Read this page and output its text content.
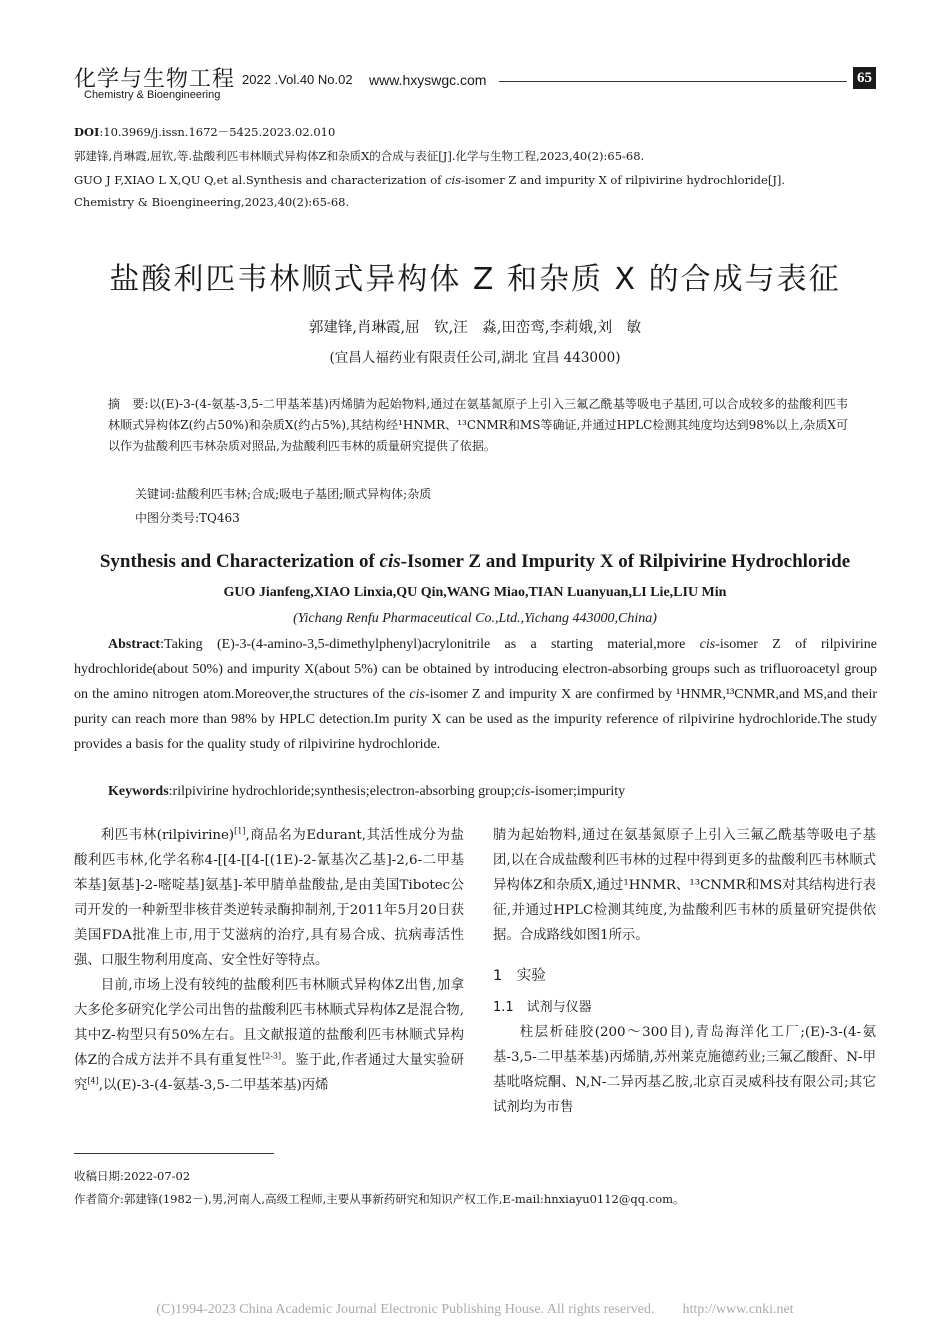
化学与生物工程 2022 .Vol.40 No.02 www.hxyswgc.com	65
Chemistry & Bioengineering
DOI:10.3969/j.issn.1672－5425.2023.02.010
郭建锋,肖琳霞,屈钦,等.盐酸利匹韦林顺式异构体Z和杂质X的合成与表征[J].化学与生物工程,2023,40(2):65-68.
GUO J F,XIAO L X,QU Q,et al.Synthesis and characterization of cis-isomer Z and impurity X of rilpivirine hydrochloride[J].
Chemistry & Bioengineering,2023,40(2):65-68.
盐酸利匹韦林顺式异构体 Z 和杂质 X 的合成与表征
郭建锋,肖琳霞,屈　钦,汪　淼,田峦鸾,李莉娥,刘　敏
(宜昌人福药业有限责任公司,湖北 宜昌 443000)
摘　要:以(E)-3-(4-氨基-3,5-二甲基苯基)丙烯腈为起始物料,通过在氨基氮原子上引入三氟乙酰基等吸电子基团,可以合成较多的盐酸利匹韦林顺式异构体Z(约占50%)和杂质X(约占5%),其结构经¹HNMR、¹³CNMR和MS等确证,并通过HPLC检测其纯度均达到98%以上,杂质X可以作为盐酸利匹韦林杂质对照品,为盐酸利匹韦林的质量研究提供了依据。
关键词:盐酸利匹韦林;合成;吸电子基团;顺式异构体;杂质
中图分类号:TQ463
Synthesis and Characterization of cis-Isomer Z and Impurity X of Rilpivirine Hydrochloride
GUO Jianfeng,XIAO Linxia,QU Qin,WANG Miao,TIAN Luanyuan,LI Lie,LIU Min
(Yichang Renfu Pharmaceutical Co.,Ltd.,Yichang 443000,China)
Abstract:Taking (E)-3-(4-amino-3,5-dimethylphenyl)acrylonitrile as a starting material,more cis-isomer Z of rilpivirine hydrochloride(about 50%) and impurity X(about 5%) can be obtained by introducing electron-absorbing groups such as trifluoroacetyl group on the amino nitrogen atom.Moreover,the structures of the cis-isomer Z and impurity X are confirmed by ¹HNMR,¹³CNMR,and MS,and their purity can reach more than 98% by HPLC detection.Im purity X can be used as the impurity reference of rilpivirine hydrochloride.The study provides a basis for the quality study of rilpivirine hydrochloride.
Keywords:rilpivirine hydrochloride;synthesis;electron-absorbing group;cis-isomer;impurity

利匹韦林(rilpivirine)[1],商品名为Edurant,其活性成分为盐酸利匹韦林,化学名称4-[[4-[[4-[(1E)-2-氰基次乙基]-2,6-二甲基苯基]氨基]-2-嘧啶基]氨基]-苯甲腈单盐酸盐,是由美国Tibotec公司开发的一种新型非核苷类逆转录酶抑制剂,于2011年5月20日获美国FDA批准上市,用于艾滋病的治疗,具有易合成、抗病毒活性强、口服生物利用度高、安全性好等特点。

目前,市场上没有较纯的盐酸利匹韦林顺式异构体Z出售,加拿大多伦多研究化学公司出售的盐酸利匹韦林顺式异构体Z是混合物,其中Z-构型只有50%左右。且文献报道的盐酸利匹韦林顺式异构体Z的合成方法并不具有重复性[2-3]。鉴于此,作者通过大量实验研究[4],以(E)-3-(4-氨基-3,5-二甲基苯基)丙烯

腈为起始物料,通过在氨基氮原子上引入三氟乙酰基等吸电子基团,以在合成盐酸利匹韦林的过程中得到更多的盐酸利匹韦林顺式异构体Z和杂质X,通过¹HNMR、¹³CNMR和MS对其结构进行表征,并通过HPLC检测其纯度,为盐酸利匹韦林的质量研究提供依据。合成路线如图1所示。

1　实验

1.1　试剂与仪器

柱层析硅胶(200～300目),青岛海洋化工厂;(E)-3-(4-氨基-3,5-二甲基苯基)丙烯腈,苏州莱克施德药业;三氟乙酸酐、N-甲基吡咯烷酮、N,N-二异丙基乙胺,北京百灵威科技有限公司;其它试剂均为市售

收稿日期:2022-07-02
作者简介:郭建锋(1982－),男,河南人,高级工程师,主要从事新药研究和知识产权工作,E-mail:hnxiayu0112@qq.com。
(C)1994-2023 China Academic Journal Electronic Publishing House. All rights reserved.　　http://www.cnki.net
